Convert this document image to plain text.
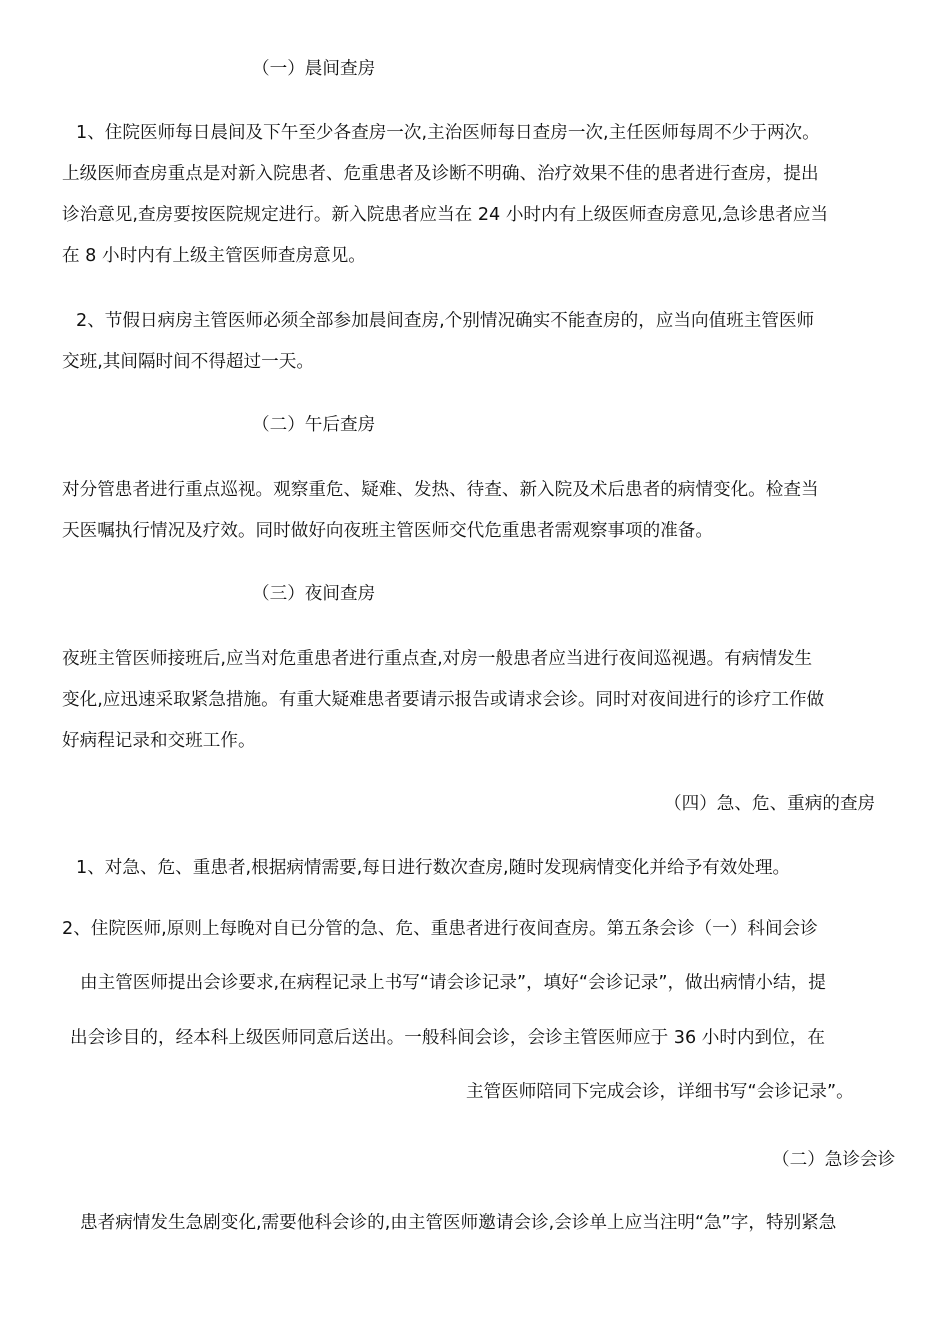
（一）晨间查房

1、住院医师每日晨间及下午至少各查房一次,主治医师每日查房一次,主任医师每周不少于两次。

上级医师查房重点是对新入院患者、危重患者及诊断不明确、治疗效果不佳的患者进行查房，提出

诊治意见,查房要按医院规定进行。新入院患者应当在 24 小时内有上级医师查房意见,急诊患者应当

在 8 小时内有上级主管医师查房意见。

2、节假日病房主管医师必须全部参加晨间查房,个别情况确实不能查房的，应当向值班主管医师

交班,其间隔时间不得超过一天。

（二）午后查房

对分管患者进行重点巡视。观察重危、疑难、发热、待查、新入院及术后患者的病情变化。检查当

天医嘱执行情况及疗效。同时做好向夜班主管医师交代危重患者需观察事项的准备。

（三）夜间查房

夜班主管医师接班后,应当对危重患者进行重点查,对房一般患者应当进行夜间巡视遇。有病情发生

变化,应迅速采取紧急措施。有重大疑难患者要请示报告或请求会诊。同时对夜间进行的诊疗工作做

好病程记录和交班工作。

（四）急、危、重病的查房

1、对急、危、重患者,根据病情需要,每日进行数次查房,随时发现病情变化并给予有效处理。

2、住院医师,原则上每晚对自已分管的急、危、重患者进行夜间查房。第五条会诊（一）科间会诊

由主管医师提出会诊要求,在病程记录上书写“请会诊记录”，填好“会诊记录”，做出病情小结，提

出会诊目的，经本科上级医师同意后送出。一般科间会诊，会诊主管医师应于 36 小时内到位，在

主管医师陪同下完成会诊，详细书写“会诊记录”。

（二）急诊会诊

患者病情发生急剧变化,需要他科会诊的,由主管医师邀请会诊,会诊单上应当注明“急”字，特别紧急
